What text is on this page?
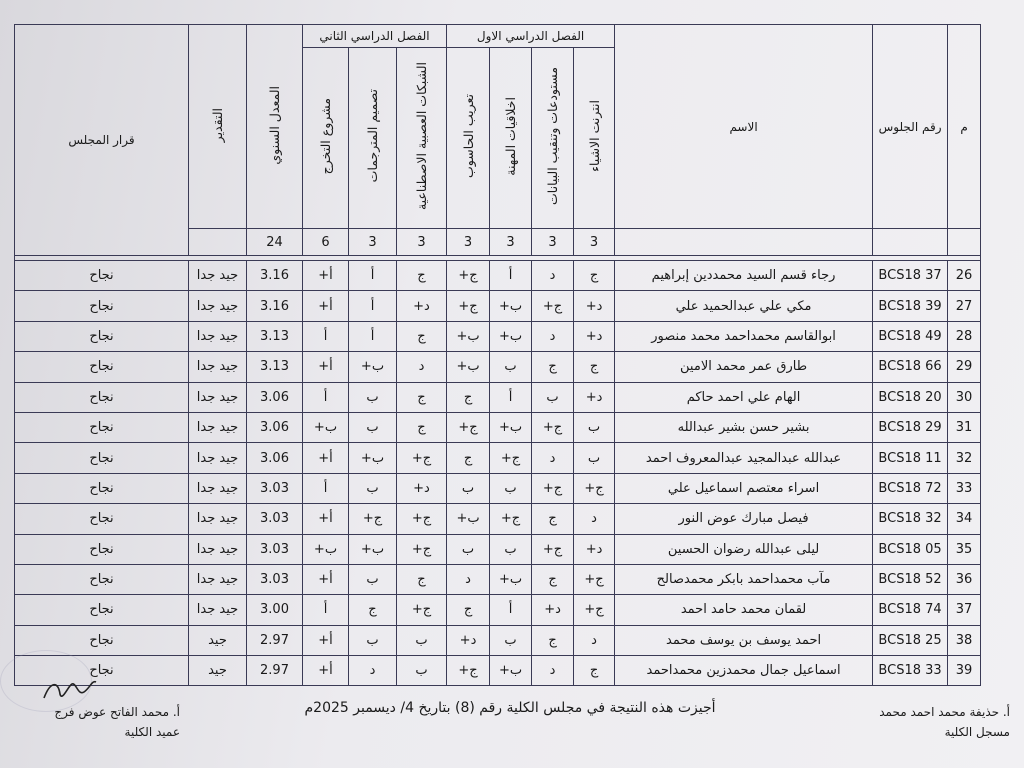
م	رقم الجلوس	الاسم	الفصل الدراسي الاول				الفصل الدراسي الثاني			المعدل السنوي	التقدير	قرار المجلس
			انترنت الاشياء	مستودعات وتنقيب البيانات	اخلاقيات المهنة	تعريب الحاسوب	الشبكات العصبية الاصطناعية	تصميم المترجمات	مشروع التخرج			
			3	3	3	3	3	3	6	24		

26	BCS18 37	رجاء قسم السيد محمددين إبراهيم	ج	د	أ	ج+	ج	أ	أ+	3.16	جيد جدا	نجاح
27	BCS18 39	مكي علي عبدالحميد علي	د+	ج+	ب+	ج+	د+	أ	أ+	3.16	جيد جدا	نجاح
28	BCS18 49	ابوالقاسم محمداحمد محمد منصور	د+	د	ب+	ب+	ج	أ	أ	3.13	جيد جدا	نجاح
29	BCS18 66	طارق عمر محمد الامين	ج	ج	ب	ب+	د	ب+	أ+	3.13	جيد جدا	نجاح
30	BCS18 20	الهام علي احمد حاكم	د+	ب	أ	ج	ج	ب	أ	3.06	جيد جدا	نجاح
31	BCS18 29	بشير حسن بشير عبدالله	ب	ج+	ب+	ج+	ج	ب	ب+	3.06	جيد جدا	نجاح
32	BCS18 11	عبدالله عبدالمجيد عبدالمعروف احمد	ب	د	ج+	ج	ج+	ب+	أ+	3.06	جيد جدا	نجاح
33	BCS18 72	اسراء معتصم اسماعيل علي	ج+	ج+	ب	ب	د+	ب	أ	3.03	جيد جدا	نجاح
34	BCS18 32	فيصل مبارك عوض النور	د	ج	ج+	ب+	ج+	ج+	أ+	3.03	جيد جدا	نجاح
35	BCS18 05	ليلى عبدالله رضوان الحسين	د+	ج+	ب	ب	ج+	ب+	ب+	3.03	جيد جدا	نجاح
36	BCS18 52	مآب محمداحمد بابكر محمدصالح	ج+	ج	ب+	د	ج	ب	أ+	3.03	جيد جدا	نجاح
37	BCS18 74	لقمان محمد حامد احمد	ج+	د+	أ	ج	ج+	ج	أ	3.00	جيد جدا	نجاح
38	BCS18 25	احمد يوسف بن يوسف محمد	د	ج	ب	د+	ب	ب	أ+	2.97	جيد	نجاح
39	BCS18 33	اسماعيل جمال محمدزين محمداحمد	ج	د	ب+	ج+	ب	د	أ+	2.97	جيد	نجاح
أجيزت هذه النتيجة في مجلس الكلية رقم (8) بتاريخ 4/ ديسمبر 2025م	أ. حذيفة محمد احمد محمد
مسجل الكلية
أ. محمد الفاتح عوض فرج
عميد الكلية
